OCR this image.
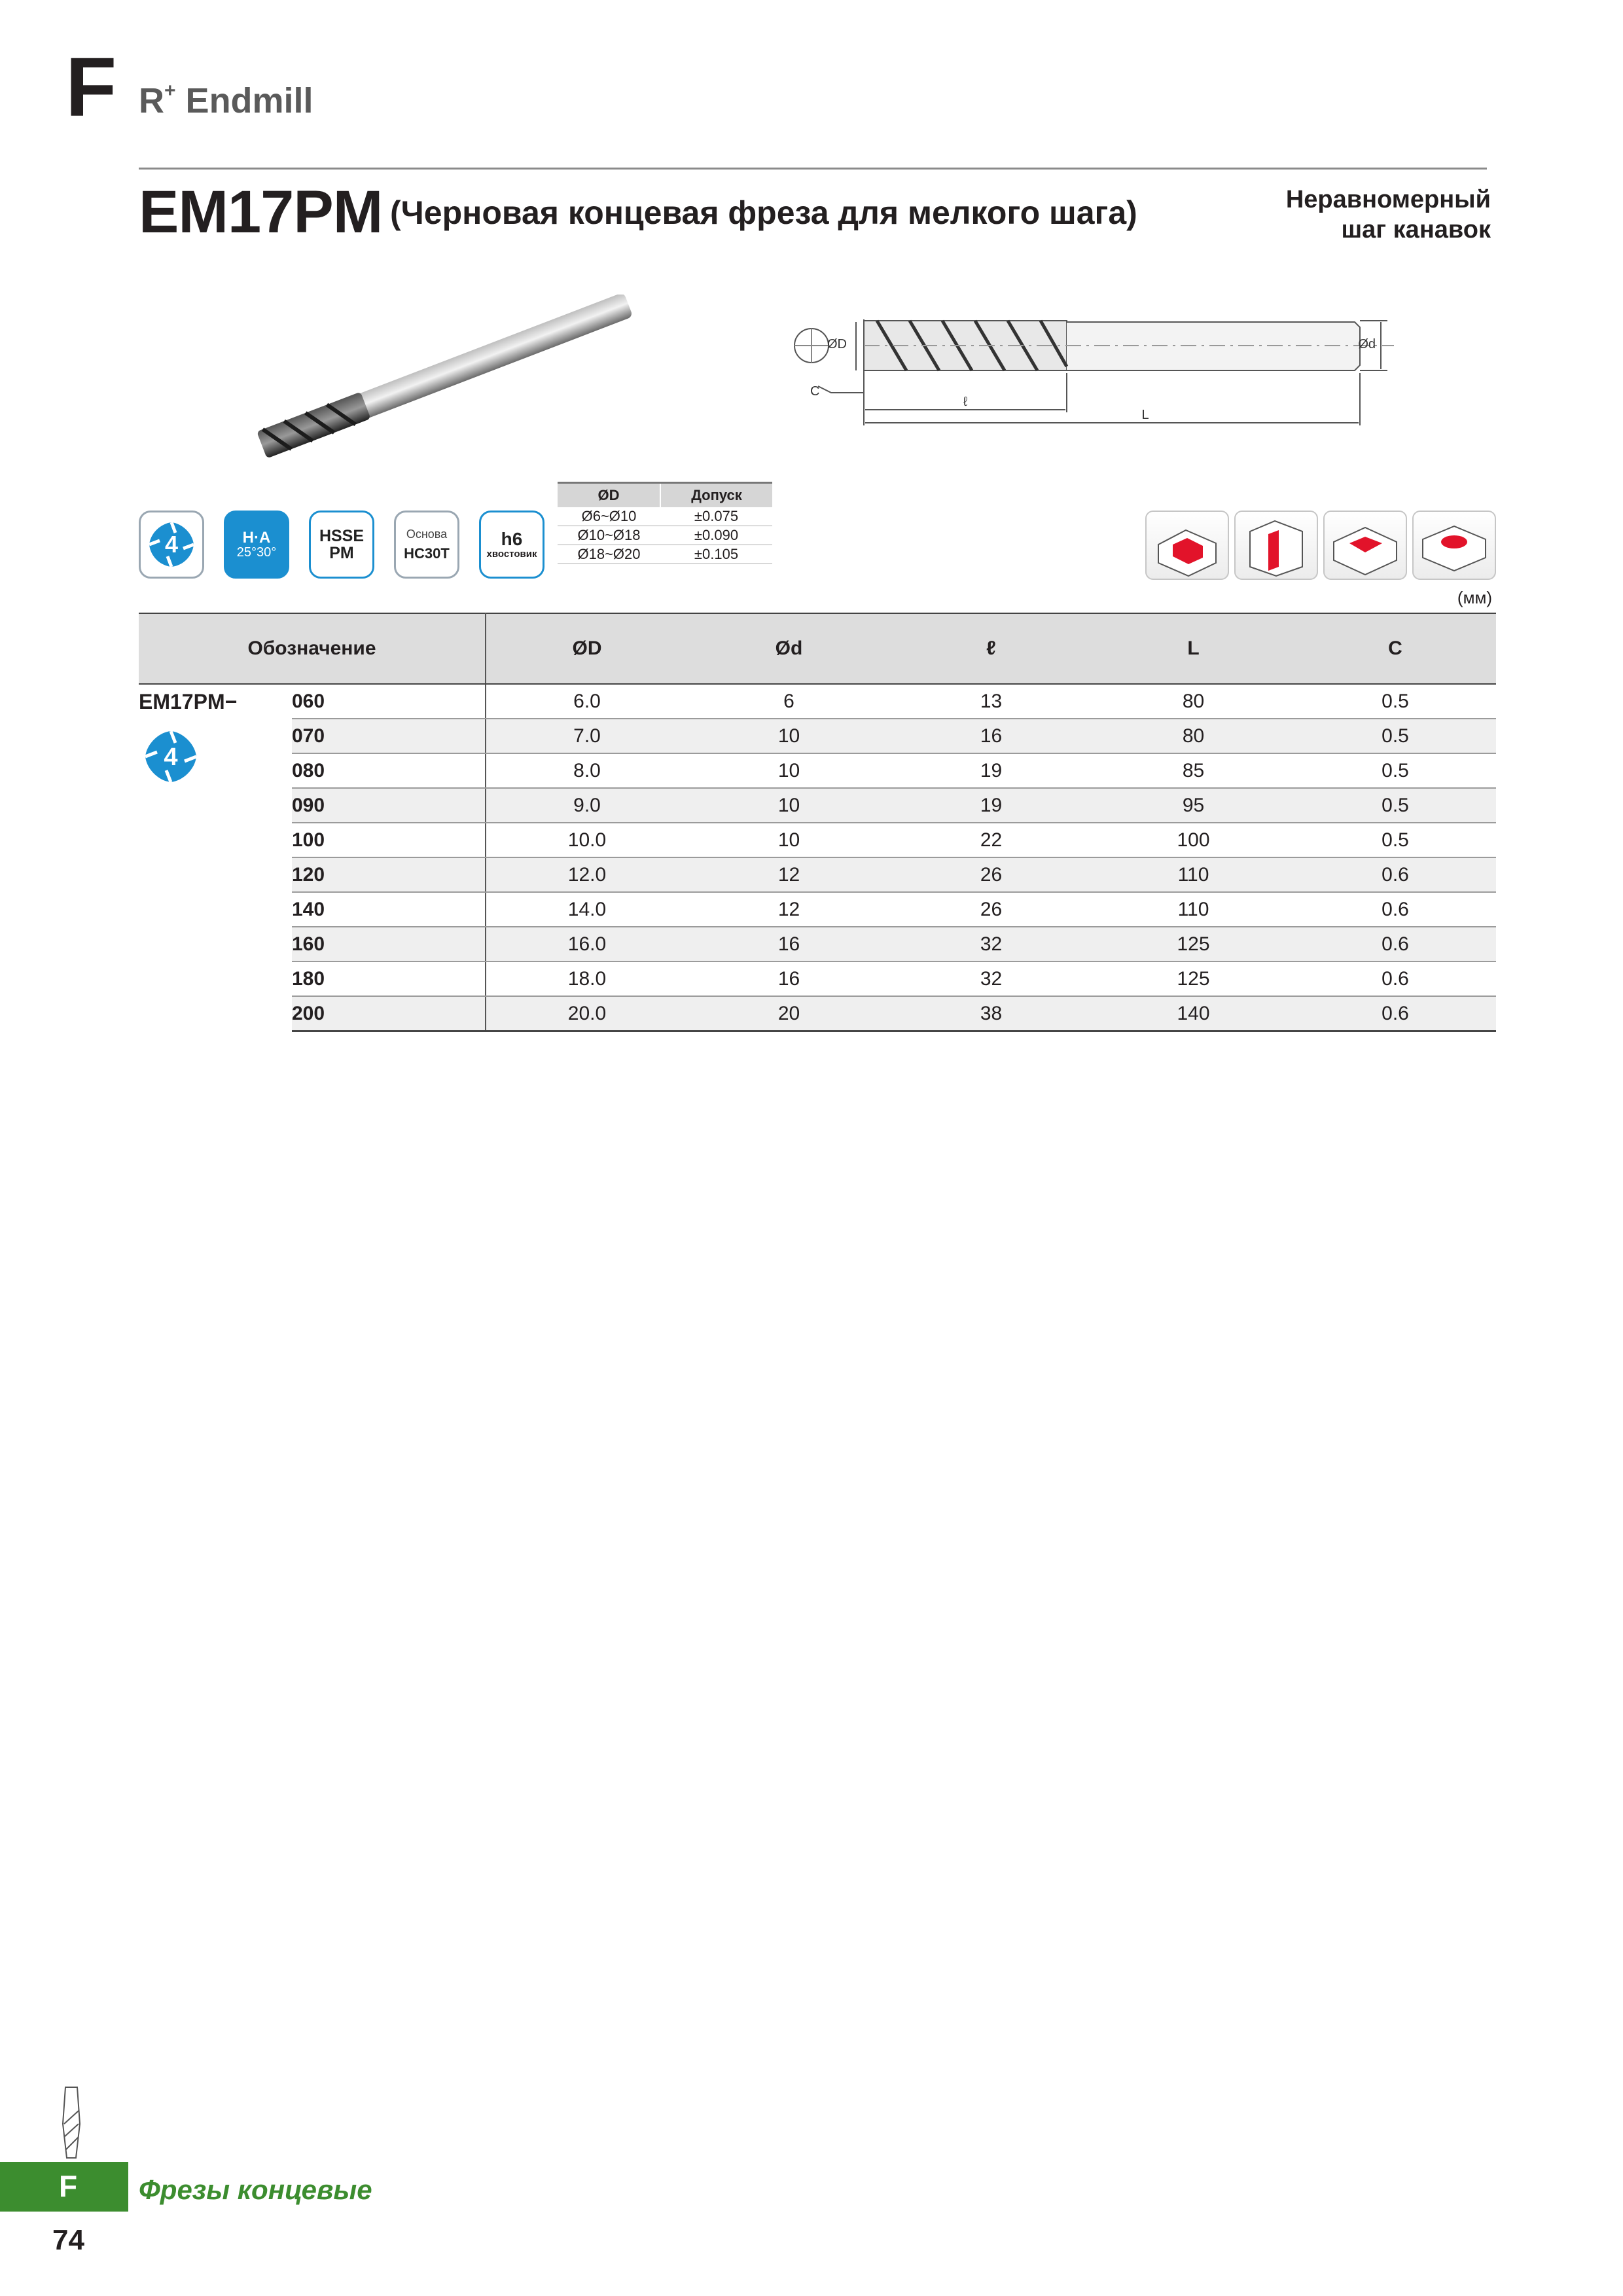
F R+ Endmill
EM17PM (Черновая концевая фреза для мелкого шага)	Неравномерный
шаг канавок
ØD	Ød
C
ℓ
L
4	H·A
25°30°
HSSE
PM
Основа
HC30T
h6
хвостовик
ØD	Допуск
Ø6~Ø10	±0.075
Ø10~Ø18	±0.090
Ø18~Ø20	±0.105
(мм)
Обозначение		ØD	Ød	ℓ	L	C

EM17PM−
4	060	6.0	6	13	80	0.5
	070	7.0	10	16	80	0.5
	080	8.0	10	19	85	0.5
	090	9.0	10	19	95	0.5
	100	10.0	10	22	100	0.5
	120	12.0	12	26	110	0.6
	140	14.0	12	26	110	0.6
	160	16.0	16	32	125	0.6
	180	18.0	16	32	125	0.6
	200	20.0	20	38	140	0.6
F Фрезы концевые
74
